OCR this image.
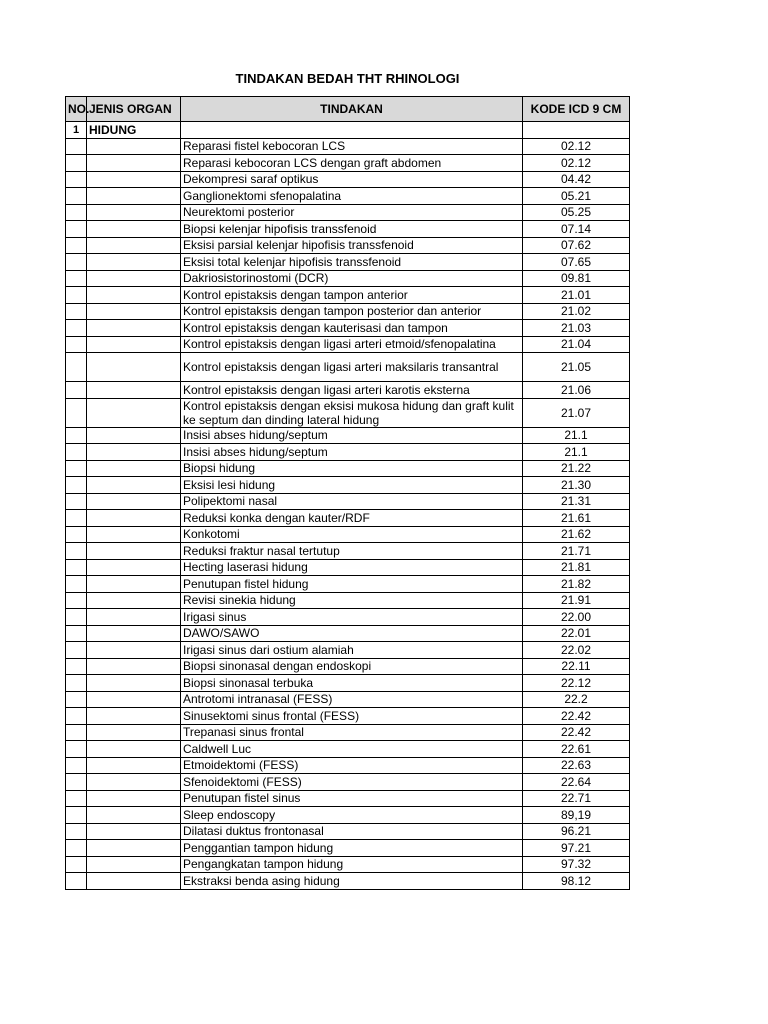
TINDAKAN BEDAH THT RHINOLOGI
NO.	JENIS ORGAN	TINDAKAN	KODE ICD 9 CM
1	HIDUNG		
		Reparasi fistel kebocoran LCS	02.12
		Reparasi kebocoran LCS dengan graft abdomen	02.12
		Dekompresi saraf optikus	04.42
		Ganglionektomi sfenopalatina	05.21
		Neurektomi posterior	05.25
		Biopsi kelenjar hipofisis transsfenoid	07.14
		Eksisi parsial kelenjar hipofisis transsfenoid	07.62
		Eksisi total kelenjar hipofisis transsfenoid	07.65
		Dakriosistorinostomi (DCR)	09.81
		Kontrol epistaksis dengan tampon anterior	21.01
		Kontrol epistaksis dengan tampon posterior dan anterior	21.02
		Kontrol epistaksis dengan kauterisasi dan tampon	21.03
		Kontrol epistaksis dengan ligasi arteri etmoid/sfenopalatina	21.04
		Kontrol epistaksis dengan ligasi arteri maksilaris transantral	21.05
		Kontrol epistaksis dengan ligasi arteri karotis eksterna	21.06
		Kontrol epistaksis dengan eksisi mukosa hidung dan graft kulit ke septum dan dinding lateral hidung	21.07
		Insisi abses hidung/septum	21.1
		Insisi abses hidung/septum	21.1
		Biopsi hidung	21.22
		Eksisi lesi hidung	21.30
		Polipektomi nasal	21.31
		Reduksi konka dengan kauter/RDF	21.61
		Konkotomi	21.62
		Reduksi fraktur nasal tertutup	21.71
		Hecting laserasi hidung	21.81
		Penutupan fistel hidung	21.82
		Revisi sinekia hidung	21.91
		Irigasi sinus	22.00
		DAWO/SAWO	22.01
		Irigasi sinus dari ostium alamiah	22.02
		Biopsi sinonasal dengan endoskopi	22.11
		Biopsi sinonasal terbuka	22.12
		Antrotomi intranasal (FESS)	22.2
		Sinusektomi sinus frontal (FESS)	22.42
		Trepanasi sinus frontal	22.42
		Caldwell Luc	22.61
		Etmoidektomi (FESS)	22.63
		Sfenoidektomi (FESS)	22.64
		Penutupan fistel sinus	22.71
		Sleep endoscopy	89,19
		Dilatasi duktus frontonasal	96.21
		Penggantian tampon hidung	97.21
		Pengangkatan tampon hidung	97.32
		Ekstraksi benda asing hidung	98.12
